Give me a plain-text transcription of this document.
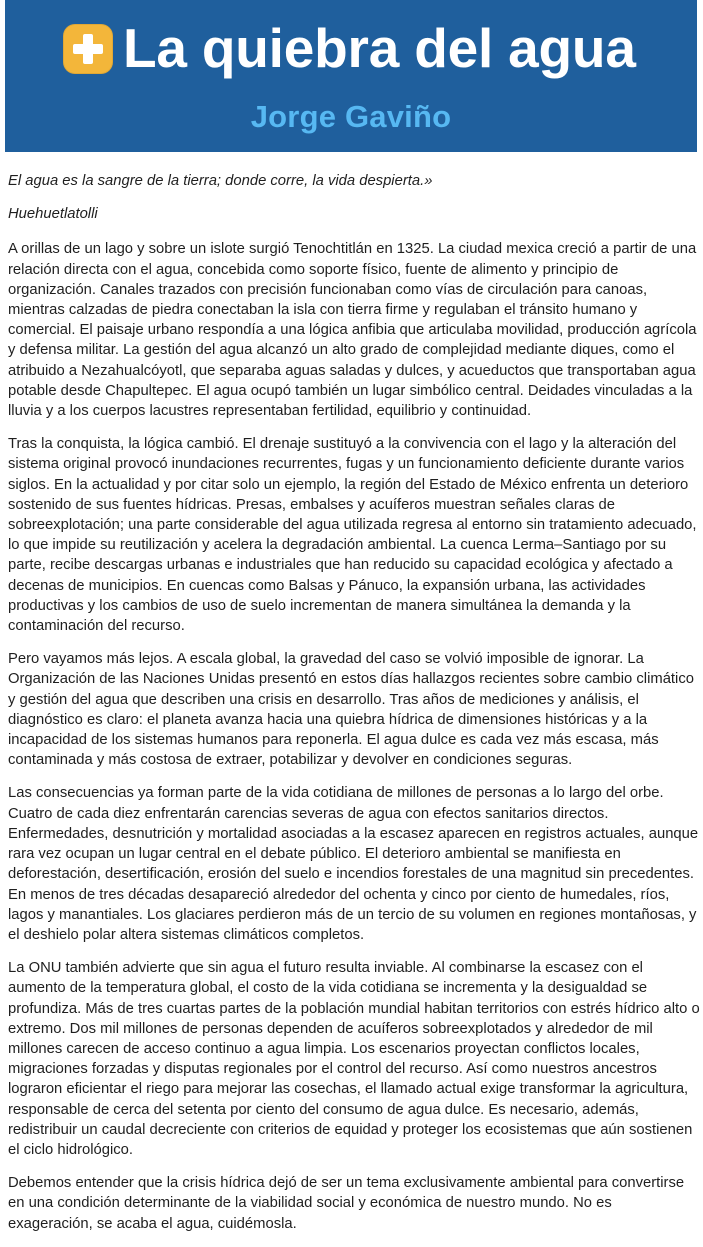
La quiebra del agua
Jorge Gaviño

El agua es la sangre de la tierra; donde corre, la vida despierta.»

Huehuetlatolli

A orillas de un lago y sobre un islote surgió Tenochtitlán en 1325. La ciudad mexica creció a partir de una relación directa con el agua, concebida como soporte físico, fuente de alimento y principio de organización. Canales trazados con precisión funcionaban como vías de circulación para canoas, mientras calzadas de piedra conectaban la isla con tierra firme y regulaban el tránsito humano y comercial. El paisaje urbano respondía a una lógica anfibia que articulaba movilidad, producción agrícola y defensa militar. La gestión del agua alcanzó un alto grado de complejidad mediante diques, como el atribuido a Nezahualcóyotl, que separaba aguas saladas y dulces, y acueductos que transportaban agua potable desde Chapultepec. El agua ocupó también un lugar simbólico central. Deidades vinculadas a la lluvia y a los cuerpos lacustres representaban fertilidad, equilibrio y continuidad.

Tras la conquista, la lógica cambió. El drenaje sustituyó a la convivencia con el lago y la alteración del sistema original provocó inundaciones recurrentes, fugas y un funcionamiento deficiente durante varios siglos. En la actualidad y por citar solo un ejemplo, la región del Estado de México enfrenta un deterioro sostenido de sus fuentes hídricas. Presas, embalses y acuíferos muestran señales claras de sobreexplotación; una parte considerable del agua utilizada regresa al entorno sin tratamiento adecuado, lo que impide su reutilización y acelera la degradación ambiental. La cuenca Lerma–Santiago por su parte, recibe descargas urbanas e industriales que han reducido su capacidad ecológica y afectado a decenas de municipios. En cuencas como Balsas y Pánuco, la expansión urbana, las actividades productivas y los cambios de uso de suelo incrementan de manera simultánea la demanda y la contaminación del recurso.

Pero vayamos más lejos. A escala global, la gravedad del caso se volvió imposible de ignorar. La Organización de las Naciones Unidas presentó en estos días hallazgos recientes sobre cambio climático y gestión del agua que describen una crisis en desarrollo. Tras años de mediciones y análisis, el diagnóstico es claro: el planeta avanza hacia una quiebra hídrica de dimensiones históricas y a la incapacidad de los sistemas humanos para reponerla. El agua dulce es cada vez más escasa, más contaminada y más costosa de extraer, potabilizar y devolver en condiciones seguras.

Las consecuencias ya forman parte de la vida cotidiana de millones de personas a lo largo del orbe. Cuatro de cada diez enfrentarán carencias severas de agua con efectos sanitarios directos. Enfermedades, desnutrición y mortalidad asociadas a la escasez aparecen en registros actuales, aunque rara vez ocupan un lugar central en el debate público. El deterioro ambiental se manifiesta en deforestación, desertificación, erosión del suelo e incendios forestales de una magnitud sin precedentes. En menos de tres décadas desapareció alrededor del ochenta y cinco por ciento de humedales, ríos, lagos y manantiales. Los glaciares perdieron más de un tercio de su volumen en regiones montañosas, y el deshielo polar altera sistemas climáticos completos.

La ONU también advierte que sin agua el futuro resulta inviable. Al combinarse la escasez con el aumento de la temperatura global, el costo de la vida cotidiana se incrementa y la desigualdad se profundiza. Más de tres cuartas partes de la población mundial habitan territorios con estrés hídrico alto o extremo. Dos mil millones de personas dependen de acuíferos sobreexplotados y alrededor de mil millones carecen de acceso continuo a agua limpia. Los escenarios proyectan conflictos locales, migraciones forzadas y disputas regionales por el control del recurso. Así como nuestros ancestros lograron eficientar el riego para mejorar las cosechas, el llamado actual exige transformar la agricultura, responsable de cerca del setenta por ciento del consumo de agua dulce. Es necesario, además, redistribuir un caudal decreciente con criterios de equidad y proteger los ecosistemas que aún sostienen el ciclo hidrológico.

Debemos entender que la crisis hídrica dejó de ser un tema exclusivamente ambiental para convertirse en una condición determinante de la viabilidad social y económica de nuestro mundo. No es exageración, se acaba el agua, cuidémosla.
